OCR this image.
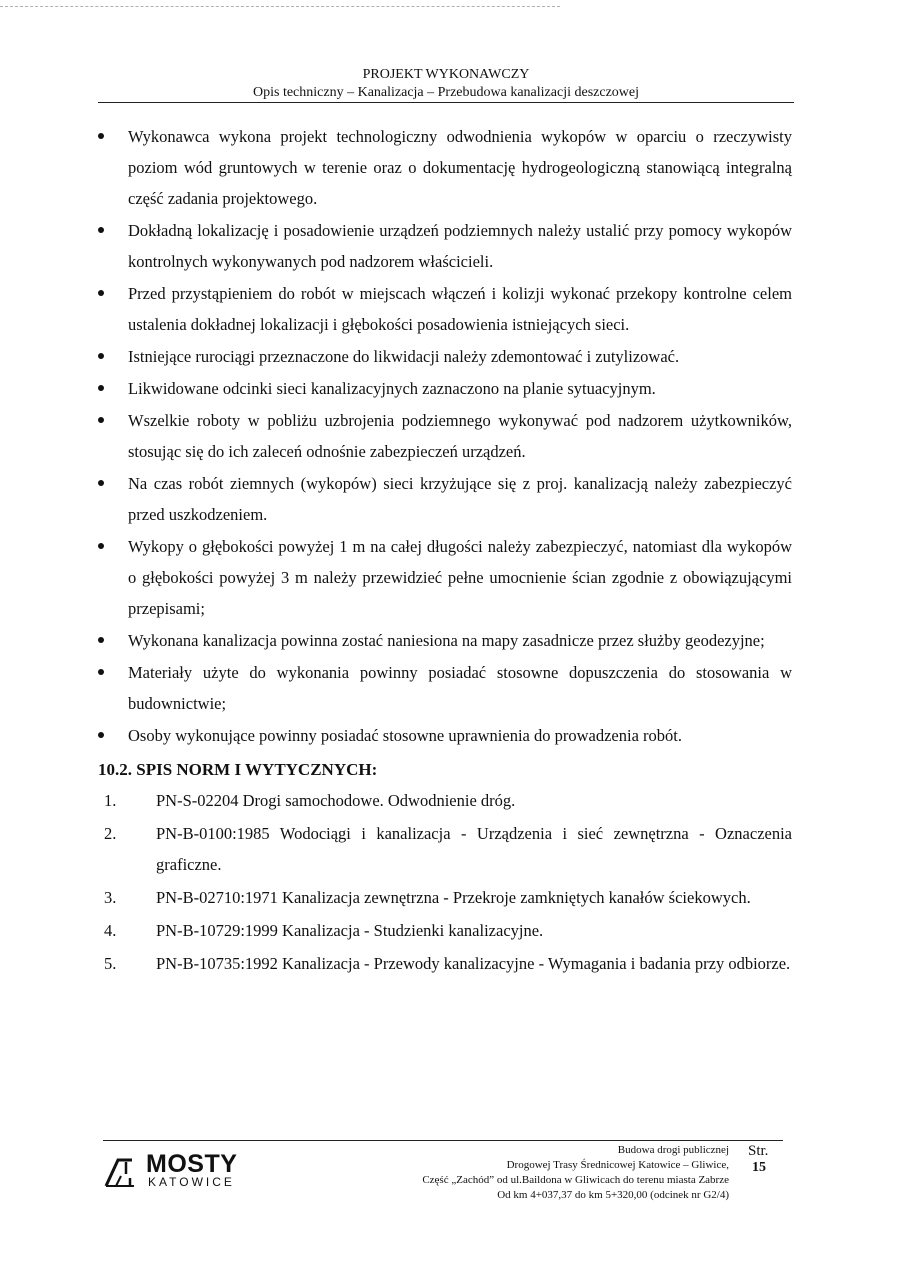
PROJEKT WYKONAWCZY
Opis techniczny – Kanalizacja – Przebudowa kanalizacji deszczowej
Wykonawca wykona projekt technologiczny odwodnienia wykopów w oparciu o rzeczywisty poziom wód gruntowych w terenie oraz o dokumentację hydrogeologiczną stanowiącą integralną część zadania projektowego.
Dokładną lokalizację i posadowienie urządzeń podziemnych należy ustalić przy pomocy wykopów kontrolnych wykonywanych pod nadzorem właścicieli.
Przed przystąpieniem do robót w miejscach włączeń i kolizji wykonać przekopy kontrolne celem ustalenia dokładnej lokalizacji i głębokości posadowienia istniejących sieci.
Istniejące rurociągi przeznaczone do likwidacji należy zdemontować i zutylizować.
Likwidowane odcinki sieci kanalizacyjnych zaznaczono na planie sytuacyjnym.
Wszelkie roboty w pobliżu uzbrojenia podziemnego wykonywać pod nadzorem użytkowników, stosując się do ich zaleceń odnośnie zabezpieczeń urządzeń.
Na czas robót ziemnych (wykopów) sieci krzyżujące się z proj. kanalizacją należy zabezpieczyć przed uszkodzeniem.
Wykopy o głębokości powyżej 1 m na całej długości należy zabezpieczyć, natomiast dla wykopów o głębokości powyżej 3 m należy przewidzieć pełne umocnienie ścian zgodnie z obowiązującymi przepisami;
Wykonana kanalizacja powinna zostać naniesiona na mapy zasadnicze przez służby geodezyjne;
Materiały użyte do wykonania powinny posiadać stosowne dopuszczenia do stosowania w budownictwie;
Osoby wykonujące powinny posiadać stosowne uprawnienia do prowadzenia robót.
10.2. SPIS NORM I WYTYCZNYCH:
1. PN-S-02204 Drogi samochodowe. Odwodnienie dróg.
2. PN-B-0100:1985 Wodociągi i kanalizacja - Urządzenia i sieć zewnętrzna - Oznaczenia graficzne.
3. PN-B-02710:1971 Kanalizacja zewnętrzna - Przekroje zamkniętych kanałów ściekowych.
4. PN-B-10729:1999 Kanalizacja - Studzienki kanalizacyjne.
5. PN-B-10735:1992 Kanalizacja - Przewody kanalizacyjne - Wymagania i badania przy odbiorze.
MOSTY
KATOWICE
Budowa drogi publicznej
Drogowej Trasy Średnicowej Katowice – Gliwice,
Część „Zachód” od ul.Baildona w Gliwicach do terenu miasta Zabrze
Od km 4+037,37 do km 5+320,00 (odcinek nr G2/4)
Str.
15
